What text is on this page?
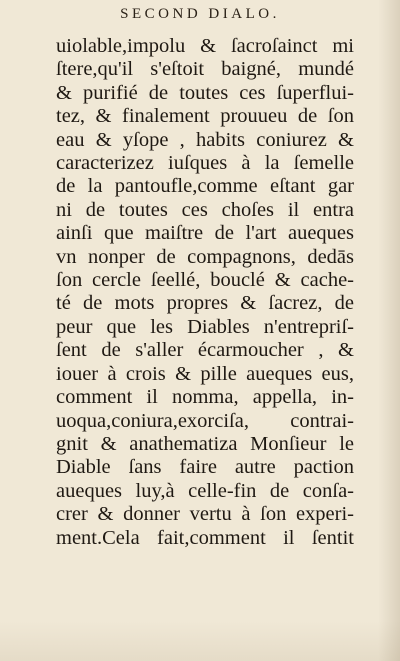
SECOND DIALO.
uiolable,impolu & ſacroſainct mi
ſtere,qu'il s'eſtoit baigné, mundé
& purifié de toutes ces ſuperflui-
tez, & finalement prouueu de ſon
eau & yſope , habits coniurez &
caracterizez iuſques à la ſemelle
de la pantoufle,comme eſtant gar
ni de toutes ces choſes il entra
ainſi que maiſtre de l'art aueques
vn nonper de compagnons, dedās
ſon cercle ſeellé, bouclé & cache-
té de mots propres & ſacrez, de
peur que les Diables n'entrepriſ-
ſent de s'aller écarmoucher , &
iouer à crois & pille aueques eus,
comment il nomma, appella, in-
uoqua,coniura,exorciſa, contrai-
gnit & anathematiza Monſieur le
Diable ſans faire autre paction
aueques luy,à celle-fin de conſa-
crer & donner vertu à ſon experi-
ment.Cela fait,comment il ſentit
